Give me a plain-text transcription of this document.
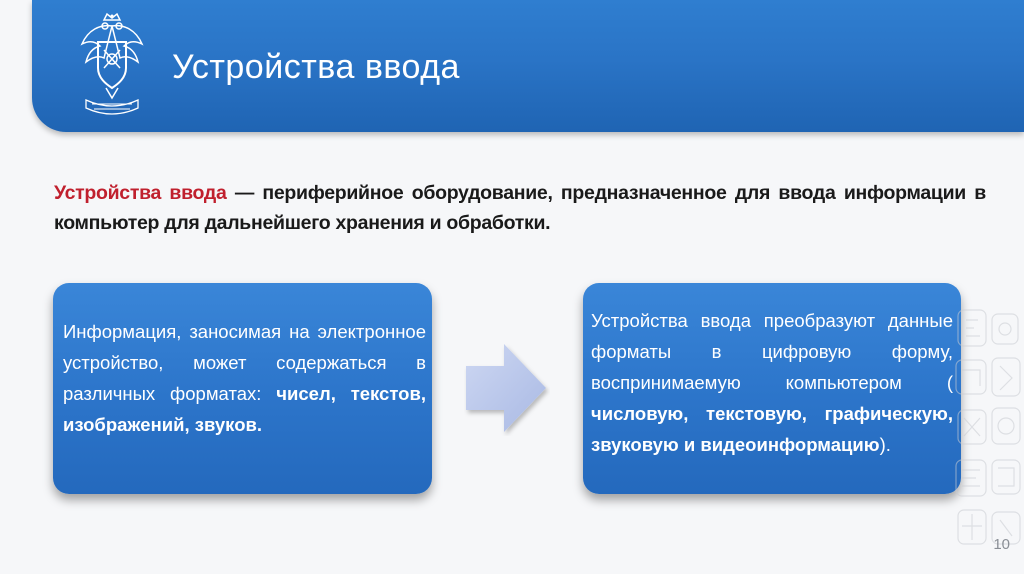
Устройства ввода
Устройства ввода — периферийное оборудование, предназначенное для ввода информации в компьютер для дальнейшего хранения и обработки.
Информация, заносимая на электронное устройство, может содержаться в различных форматах: чисел, текстов, изображений, звуков.
Устройства ввода преобразуют данные форматы в цифровую форму, воспринимаемую компьютером ( числовую, текстовую, графическую, звуковую и видеоинформацию).
10
